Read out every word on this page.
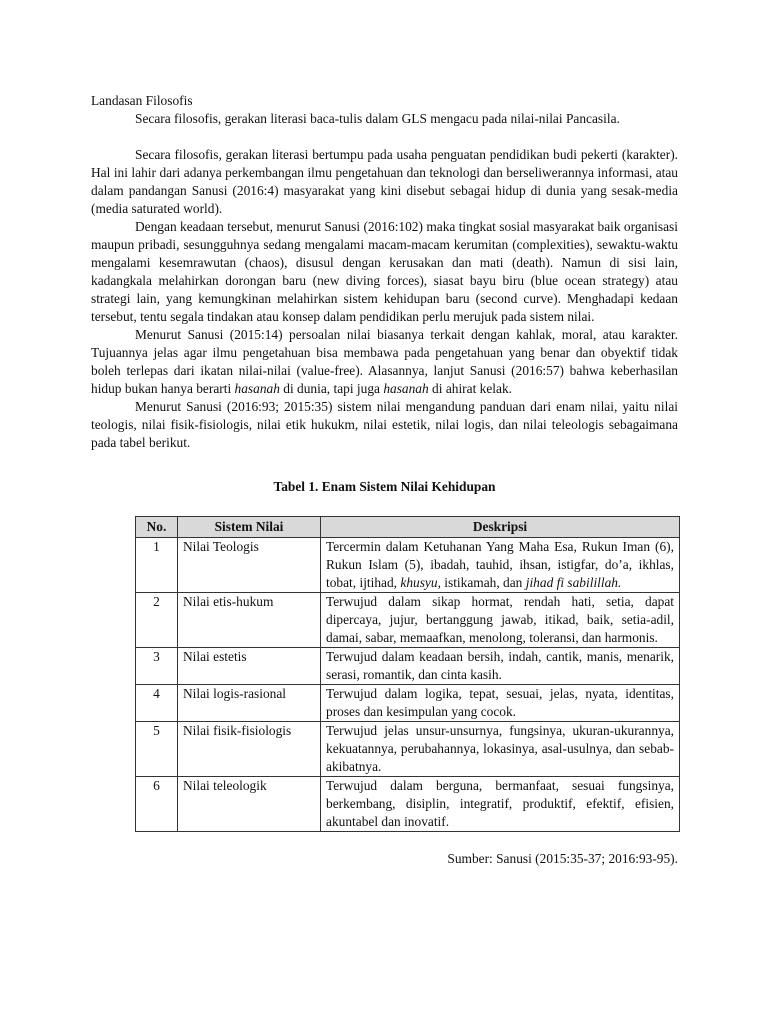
Landasan Filosofis

Secara filosofis, gerakan literasi baca-tulis dalam GLS mengacu pada nilai-nilai Pancasila.

Secara filosofis, gerakan literasi bertumpu pada usaha penguatan pendidikan budi pekerti (karakter). Hal ini lahir dari adanya perkembangan ilmu pengetahuan dan teknologi dan berseliwerannya informasi, atau dalam pandangan Sanusi (2016:4) masyarakat yang kini disebut sebagai hidup di dunia yang sesak-media (media saturated world).

Dengan keadaan tersebut, menurut Sanusi (2016:102) maka tingkat sosial masyarakat baik organisasi maupun pribadi, sesungguhnya sedang mengalami macam-macam kerumitan (complexities), sewaktu-waktu mengalami kesemrawutan (chaos), disusul dengan kerusakan dan mati (death). Namun di sisi lain, kadangkala melahirkan dorongan baru (new diving forces), siasat bayu biru (blue ocean strategy) atau strategi lain, yang kemungkinan melahirkan sistem kehidupan baru (second curve). Menghadapi kedaan tersebut, tentu segala tindakan atau konsep dalam pendidikan perlu merujuk pada sistem nilai.

Menurut Sanusi (2015:14) persoalan nilai biasanya terkait dengan kahlak, moral, atau karakter. Tujuannya jelas agar ilmu pengetahuan bisa membawa pada pengetahuan yang benar dan obyektif tidak boleh terlepas dari ikatan nilai-nilai (value-free). Alasannya, lanjut Sanusi (2016:57) bahwa keberhasilan hidup bukan hanya berarti hasanah di dunia, tapi juga hasanah di ahirat kelak.

Menurut Sanusi (2016:93; 2015:35) sistem nilai mengandung panduan dari enam nilai, yaitu nilai teologis, nilai fisik-fisiologis, nilai etik hukukm, nilai estetik, nilai logis, dan nilai teleologis sebagaimana pada tabel berikut.

Tabel 1. Enam Sistem Nilai Kehidupan

No.	Sistem Nilai	Deskripsi
1	Nilai Teologis	Tercermin dalam Ketuhanan Yang Maha Esa, Rukun Iman (6), Rukun Islam (5), ibadah, tauhid, ihsan, istigfar, do’a, ikhlas, tobat, ijtihad, khusyu, istikamah, dan jihad fi sabilillah.
2	Nilai etis-hukum	Terwujud dalam sikap hormat, rendah hati, setia, dapat dipercaya, jujur, bertanggung jawab, itikad, baik, setia-adil, damai, sabar, memaafkan, menolong, toleransi, dan harmonis.
3	Nilai estetis	Terwujud dalam keadaan bersih, indah, cantik, manis, menarik, serasi, romantik, dan cinta kasih.
4	Nilai logis-rasional	Terwujud dalam logika, tepat, sesuai, jelas, nyata, identitas, proses dan kesimpulan yang cocok.
5	Nilai fisik-fisiologis	Terwujud jelas unsur-unsurnya, fungsinya, ukuran-ukurannya, kekuatannya, perubahannya, lokasinya, asal-usulnya, dan sebab-akibatnya.
6	Nilai teleologik	Terwujud dalam berguna, bermanfaat, sesuai fungsinya, berkembang, disiplin, integratif, produktif, efektif, efisien, akuntabel dan inovatif.

Sumber: Sanusi (2015:35-37; 2016:93-95).
